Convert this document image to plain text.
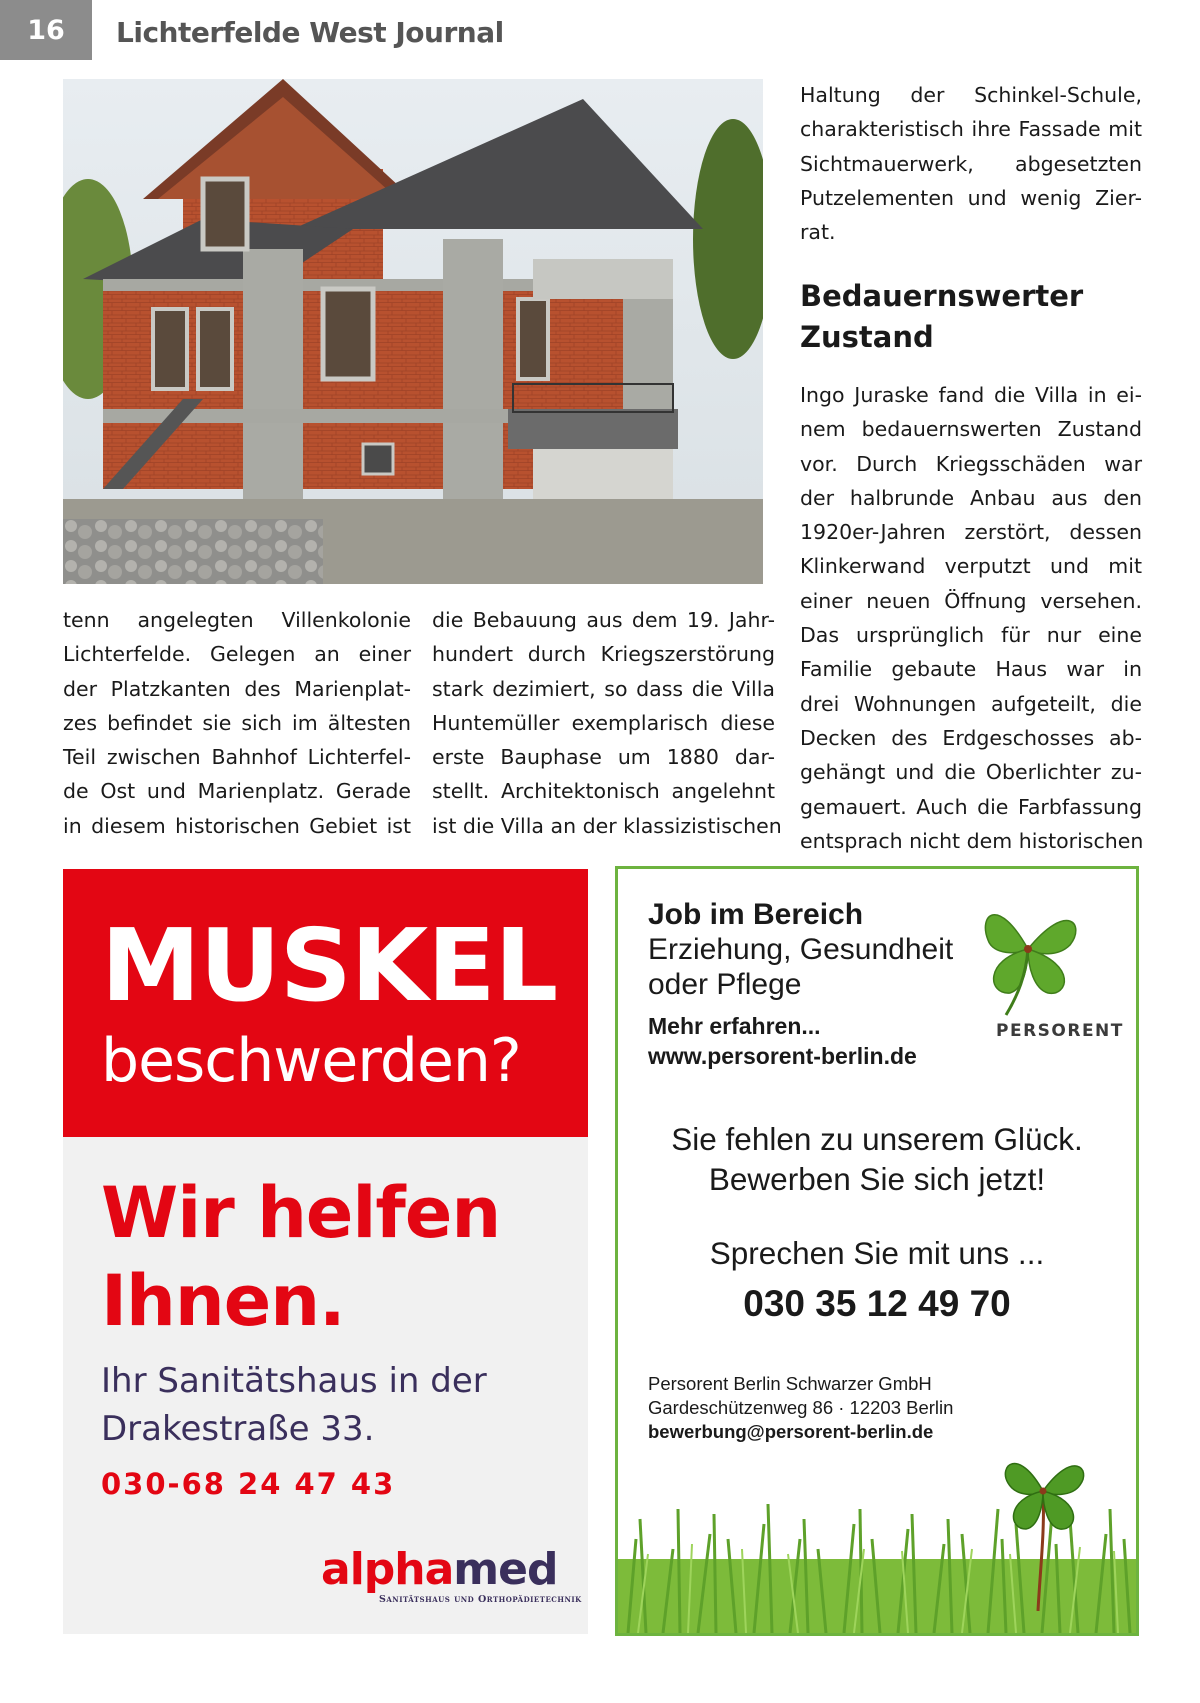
16	Lichterfelde West Journal
tenn angelegten Villenkolonie
Lichterfelde. Gelegen an einer
der Platzkanten des Marienplat-
zes befindet sie sich im ältesten
Teil zwischen Bahnhof Lichterfel-
de Ost und Marienplatz. Gerade
in diesem historischen Gebiet ist
die Bebauung aus dem 19. Jahr-
hundert durch Kriegszerstörung
stark dezimiert, so dass die Villa
Huntemüller exemplarisch diese
erste Bauphase um 1880 dar-
stellt. Architektonisch angelehnt
ist die Villa an der klassizistischen
Haltung der Schinkel-Schule,
charakteristisch ihre Fassade mit
Sichtmauerwerk, abgesetzten
Putzelementen und wenig Zier-
rat.
Bedauernswerter
Zustand
Ingo Juraske fand die Villa in ei-
nem bedauernswerten Zustand
vor. Durch Kriegsschäden war
der halbrunde Anbau aus den
1920er-Jahren zerstört, dessen
Klinkerwand verputzt und mit
einer neuen Öffnung versehen.
Das ursprünglich für nur eine
Familie gebaute Haus war in
drei Wohnungen aufgeteilt, die
Decken des Erdgeschosses ab-
gehängt und die Oberlichter zu-
gemauert. Auch die Farbfassung
entsprach nicht dem historischen
MUSKEL
beschwerden?
Wir helfen
Ihnen.
Ihr Sanitätshaus in der
Drakestraße 33.
030-68 24 47 43
alphamed
Sanitätshaus und Orthopädietechnik
Job im Bereich
Erziehung, Gesundheit
oder Pflege
Mehr erfahren...
www.persorent-berlin.de
PERSORENT
Sie fehlen zu unserem Glück.
Bewerben Sie sich jetzt!
Sprechen Sie mit uns ...
030 35 12 49 70
Persorent Berlin Schwarzer GmbH
Gardeschützenweg 86 · 12203 Berlin
bewerbung@persorent-berlin.de
